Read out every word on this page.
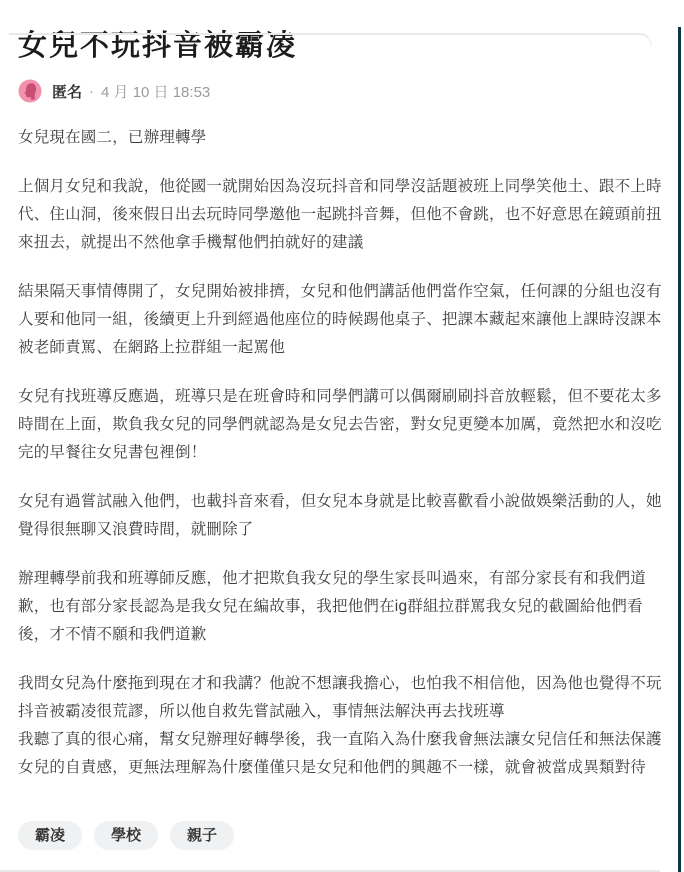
女兒不玩抖音被霸凌
匿名 · 4 月 10 日 18:53

女兒現在國二，已辦理轉學

上個月女兒和我說，他從國一就開始因為沒玩抖音和同學沒話題被班上同學笑他土、跟不上時代、住山洞，後來假日出去玩時同學邀他一起跳抖音舞，但他不會跳，也不好意思在鏡頭前扭來扭去，就提出不然他拿手機幫他們拍就好的建議

結果隔天事情傳開了，女兒開始被排擠，女兒和他們講話他們當作空氣，任何課的分組也沒有人要和他同一組，後續更上升到經過他座位的時候踢他桌子、把課本藏起來讓他上課時沒課本被老師責罵、在網路上拉群組一起罵他

女兒有找班導反應過，班導只是在班會時和同學們講可以偶爾刷刷抖音放輕鬆，但不要花太多時間在上面，欺負我女兒的同學們就認為是女兒去告密，對女兒更變本加厲，竟然把水和沒吃完的早餐往女兒書包裡倒！

女兒有過嘗試融入他們，也載抖音來看，但女兒本身就是比較喜歡看小說做娛樂活動的人，她覺得很無聊又浪費時間，就刪除了

辦理轉學前我和班導師反應，他才把欺負我女兒的學生家長叫過來，有部分家長有和我們道歉，也有部分家長認為是我女兒在編故事，我把他們在ig群組拉群罵我女兒的截圖給他們看後，才不情不願和我們道歉

我問女兒為什麼拖到現在才和我講？他說不想讓我擔心，也怕我不相信他，因為他也覺得不玩抖音被霸凌很荒謬，所以他自救先嘗試融入，事情無法解決再去找班導

我聽了真的很心痛，幫女兒辦理好轉學後，我一直陷入為什麼我會無法讓女兒信任和無法保護女兒的自責感，更無法理解為什麼僅僅只是女兒和他們的興趣不一樣，就會被當成異類對待

霸凌	學校	親子
